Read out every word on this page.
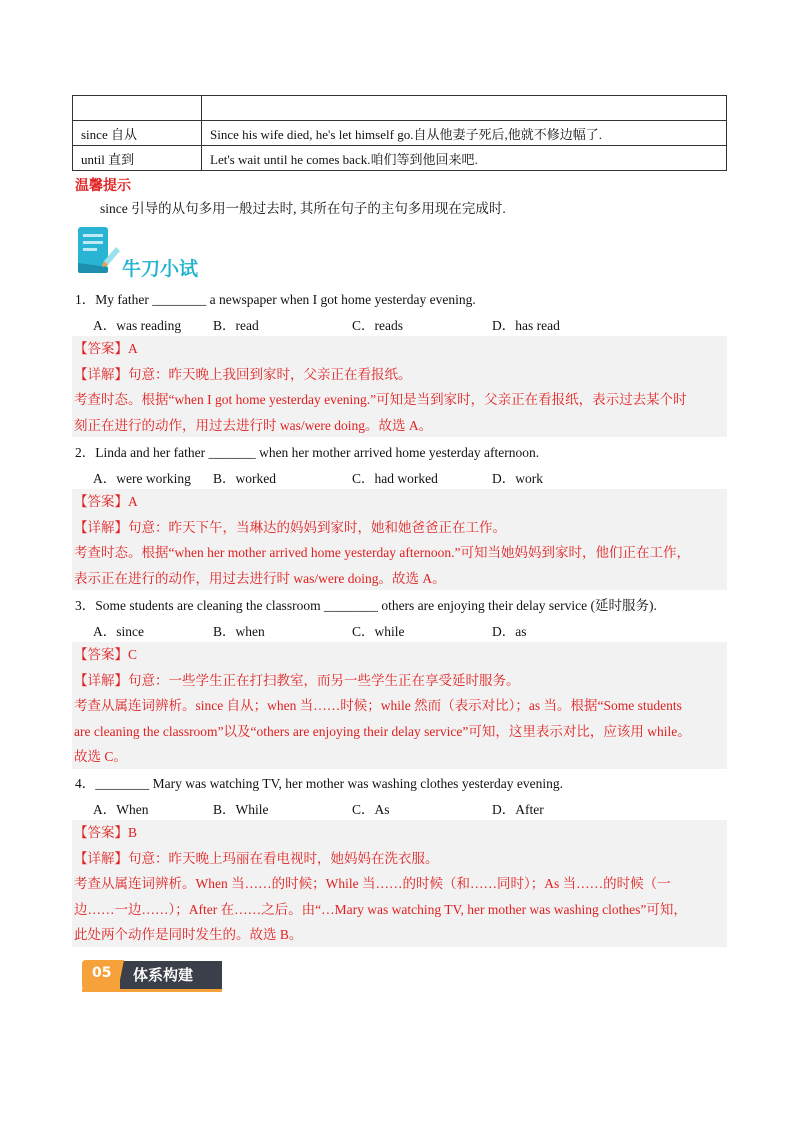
since 自从	Since his wife died, he's let himself go.自从他妻子死后,他就不修边幅了.
until 直到	Let's wait until he comes back.咱们等到他回来吧.
温馨提示
since 引导的从句多用一般过去时, 其所在句子的主句多用现在完成时.
牛刀小试
1．My father ________ a newspaper when I got home yesterday evening.
A．was reading B．read	C．reads	D．has read

【答案】A

【详解】句意：昨天晚上我回到家时，父亲正在看报纸。

考查时态。根据“when I got home yesterday evening.”可知是当到家时，父亲正在看报纸，表示过去某个时

刻正在进行的动作，用过去进行时 was/were doing。故选 A。

2．Linda and her father _______ when her mother arrived home yesterday afternoon.
A．were working B．worked	C．had worked	D．work

【答案】A

【详解】句意：昨天下午，当琳达的妈妈到家时，她和她爸爸正在工作。

考查时态。根据“when her mother arrived home yesterday afternoon.”可知当她妈妈到家时，他们正在工作，

表示正在进行的动作，用过去进行时 was/were doing。故选 A。

3．Some students are cleaning the classroom ________ others are enjoying their delay service (延时服务).
A．since	B．when	C．while	D．as

【答案】C

【详解】句意：一些学生正在打扫教室，而另一些学生正在享受延时服务。

考查从属连词辨析。since 自从；when 当……时候；while 然而（表示对比）；as 当。根据“Some students

are cleaning the classroom”以及“others are enjoying their delay service”可知，这里表示对比，应该用 while。

故选 C。

4．________ Mary was watching TV, her mother was washing clothes yesterday evening.
A．When	B．While	C．As	D．After

【答案】B

【详解】句意：昨天晚上玛丽在看电视时，她妈妈在洗衣服。

考查从属连词辨析。When 当……的时候；While 当……的时候（和……同时）；As 当……的时候（一

边……一边……）；After 在……之后。由“…Mary was watching TV, her mother was washing clothes”可知，

此处两个动作是同时发生的。故选 B。

05 体系构建
